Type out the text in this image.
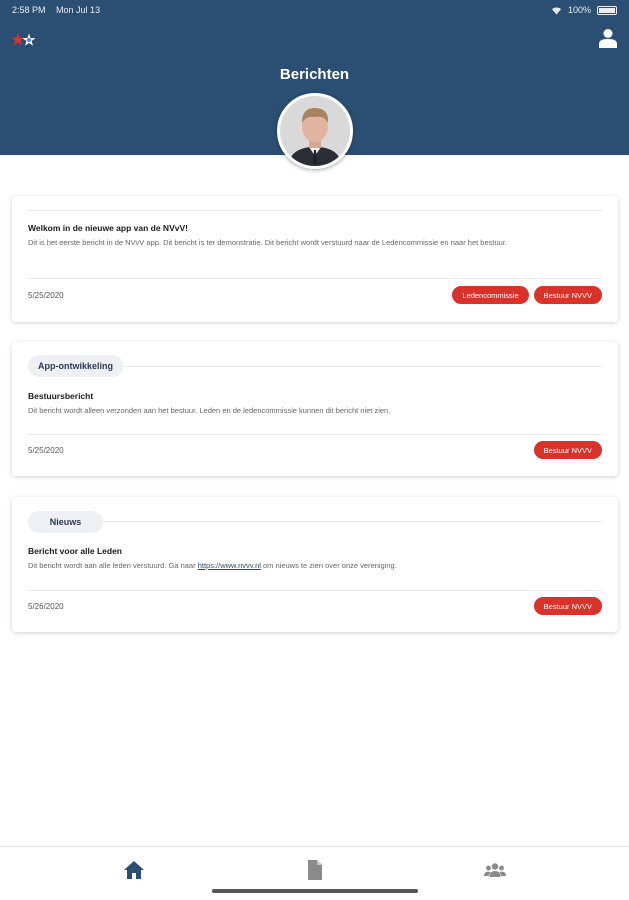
2:58 PM Mon Jul 13	100%
Berichten
Welkom in de nieuwe app van de NVvV!
Dit is het eerste bericht in de NVvV app. Dit bericht is ter demonstratie. Dit bericht wordt verstuurd naar de Ledencommissie en naar het bestuur.
5/25/2020	Ledencommissie	Bestuur NVVV
App-ontwikkeling
Bestuursbericht
Dit bericht wordt alleen verzonden aan het bestuur. Leden en de ledencommissie kunnen dit bericht niet zien.
5/25/2020	Bestuur NVVV
Nieuws
Bericht voor alle Leden
Dit bericht wordt aan alle leden verstuurd. Ga naar https://www.nvvv.nl om nieuws te zien over onze vereniging.
5/26/2020	Bestuur NVVV
